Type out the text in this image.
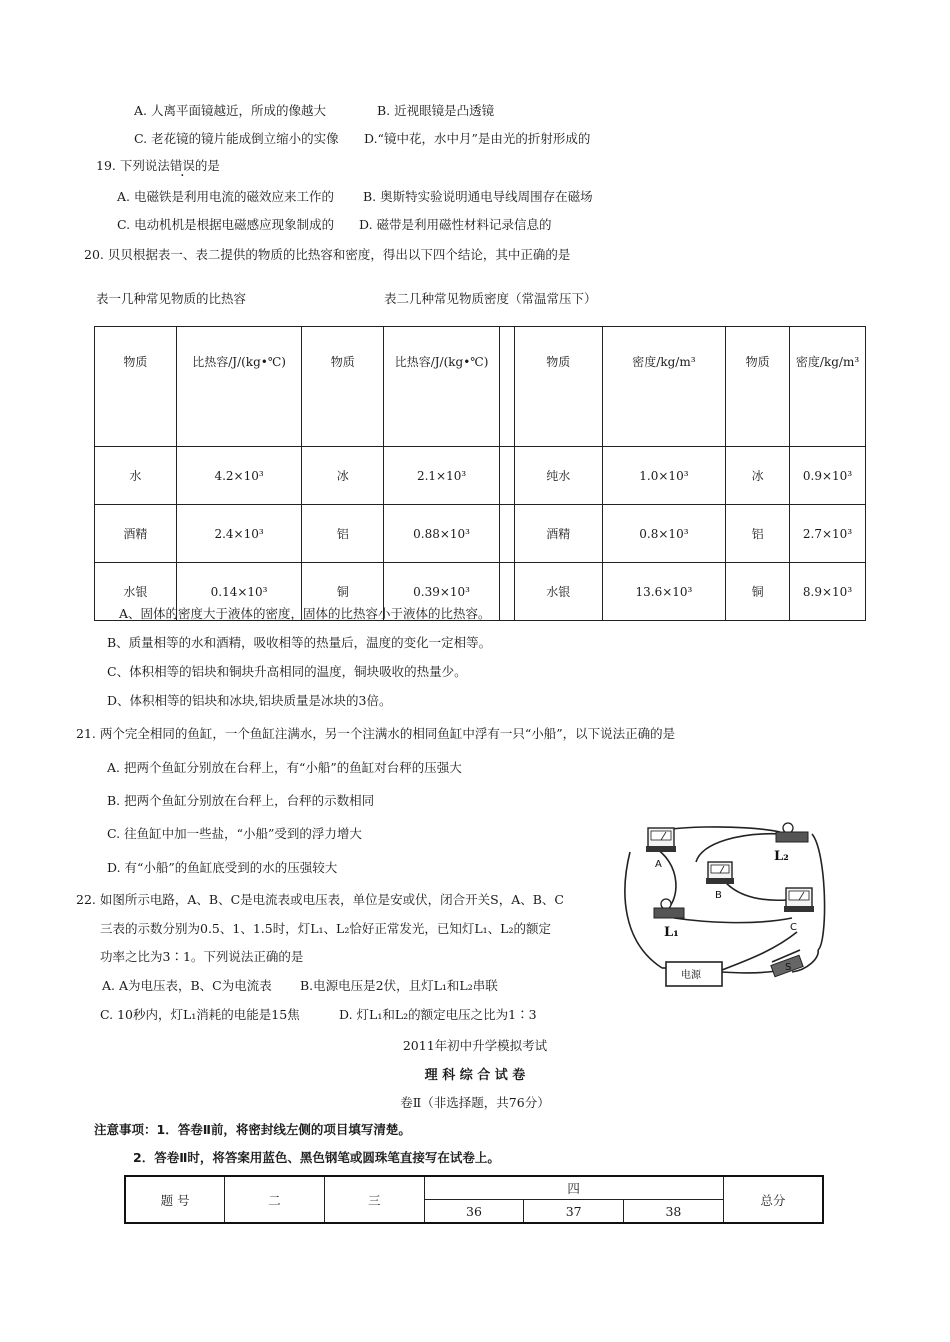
A. 人离平面镜越近，所成的像越大	B. 近视眼镜是凸透镜
C. 老花镜的镜片能成倒立缩小的实像 D.“镜中花，水中月”是由光的折射形成的
19. 下列说法错误的是
A. 电磁铁是利用电流的磁效应来工作的 B. 奥斯特实验说明通电导线周围存在磁场
C. 电动机机是根据电磁感应现象制成的 D. 磁带是利用磁性材料记录信息的
20. 贝贝根据表一、表二提供的物质的比热容和密度，得出以下四个结论，其中正确的是
表一几种常见物质的比热容	表二几种常见物质密度（常温常压下）
物质	比热容/J/(kg•℃)	物质	比热容/J/(kg•℃)		物质	密度/kg/m³	物质	密度/kg/m³
水	4.2×10³	冰	2.1×10³		纯水	1.0×10³	冰	0.9×10³
酒精	2.4×10³	铝	0.88×10³		酒精	0.8×10³	铝	2.7×10³
水银	0.14×10³	铜	0.39×10³		水银	13.6×10³	铜	8.9×10³
A、固体的密度大于液体的密度，固体的比热容小于液体的比热容。
B、质量相等的水和酒精，吸收相等的热量后，温度的变化一定相等。
C、体积相等的铝块和铜块升高相同的温度，铜块吸收的热量少。
D、体积相等的铝块和冰块,铝块质量是冰块的3倍。
21. 两个完全相同的鱼缸，一个鱼缸注满水，另一个注满水的相同鱼缸中浮有一只“小船”，以下说法正确的是
A. 把两个鱼缸分别放在台秤上，有“小船”的鱼缸对台秤的压强大
B. 把两个鱼缸分别放在台秤上，台秤的示数相同
C. 往鱼缸中加一些盐，“小船”受到的浮力增大
D. 有“小船”的鱼缸底受到的水的压强较大	A
B
C
S
电源
L₂
L₁
22. 如图所示电路，A、B、C是电流表或电压表，单位是安或伏，闭合开关S，A、B、C
三表的示数分别为0.5、1、1.5时，灯L₁、L₂恰好正常发光，已知灯L₁、L₂的额定
功率之比为3∶1。下列说法正确的是
A. A为电压表，B、C为电流表 B.电源电压是2伏，且灯L₁和L₂串联
C. 10秒内，灯L₁消耗的电能是15焦	D. 灯L₁和L₂的额定电压之比为1∶3
2011年初中升学模拟考试
理 科 综 合 试 卷
卷Ⅱ（非选择题，共76分）
注意事项：1．答卷Ⅱ前，将密封线左侧的项目填写清楚。
2．答卷Ⅱ时，将答案用蓝色、黑色钢笔或圆珠笔直接写在试卷上。
题 号	二	三	四			总分
			36	37	38	
